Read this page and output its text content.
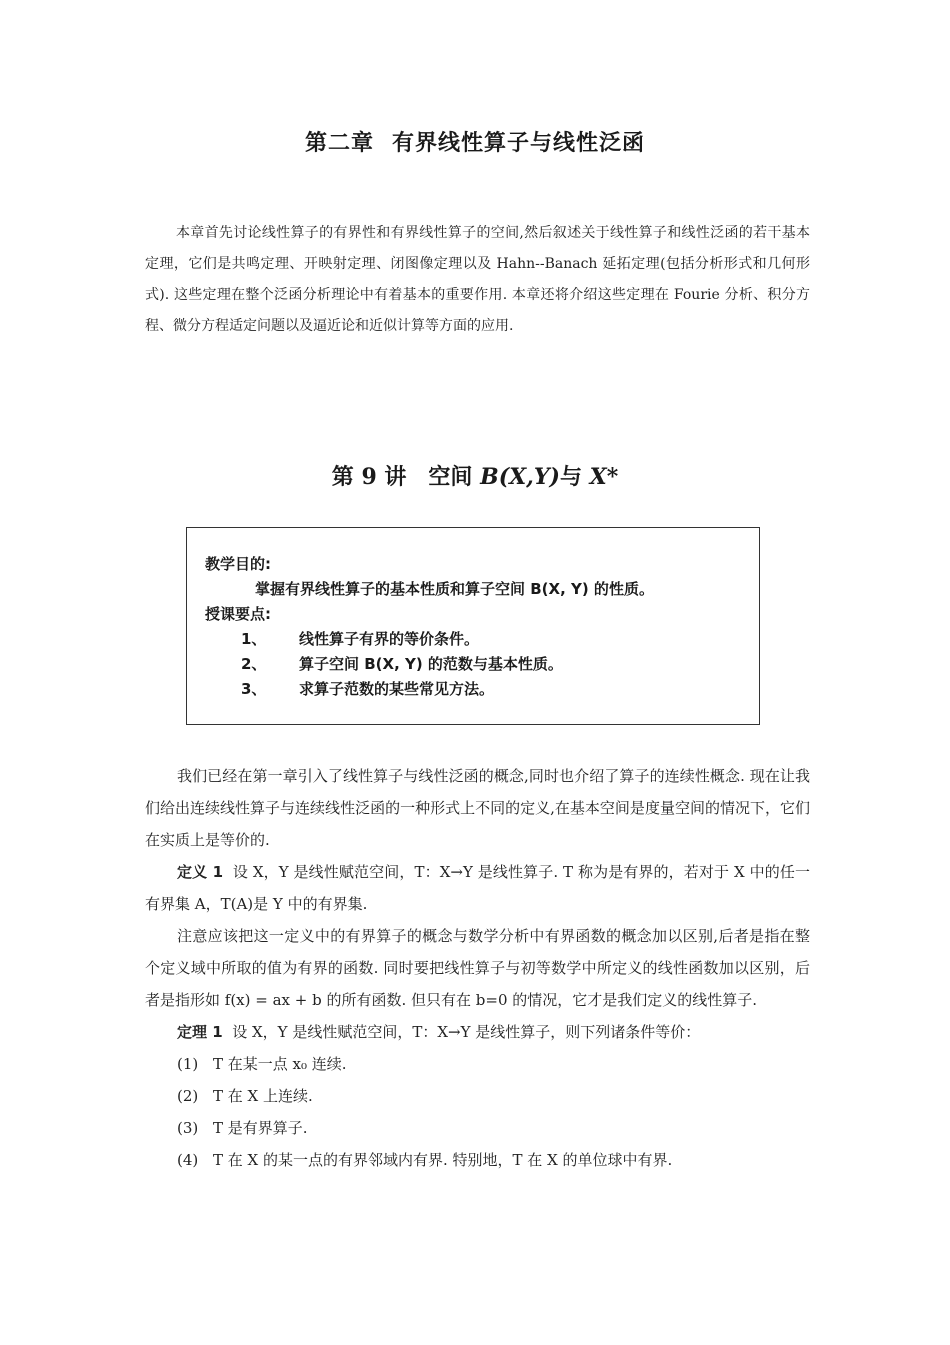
第二章 有界线性算子与线性泛函

本章首先讨论线性算子的有界性和有界线性算子的空间,然后叙述关于线性算子和线性泛函的若干基本定理，它们是共鸣定理、开映射定理、闭图像定理以及 Hahn--Banach 延拓定理(包括分析形式和几何形式). 这些定理在整个泛函分析理论中有着基本的重要作用. 本章还将介绍这些定理在 Fourie 分析、积分方程、微分方程适定问题以及逼近论和近似计算等方面的应用.

第 9 讲 空间 B(X,Y)与 X*
教学目的:
掌握有界线性算子的基本性质和算子空间 B(X, Y) 的性质。
授课要点:
1、 线性算子有界的等价条件。
2、 算子空间 B(X, Y) 的范数与基本性质。
3、 求算子范数的某些常见方法。

我们已经在第一章引入了线性算子与线性泛函的概念,同时也介绍了算子的连续性概念. 现在让我们给出连续线性算子与连续线性泛函的一种形式上不同的定义,在基本空间是度量空间的情况下，它们在实质上是等价的.

定义 1 设 X，Y 是线性赋范空间，T：X→Y 是线性算子. T 称为是有界的，若对于 X 中的任一有界集 A，T(A)是 Y 中的有界集.

注意应该把这一定义中的有界算子的概念与数学分析中有界函数的概念加以区别,后者是指在整个定义域中所取的值为有界的函数. 同时要把线性算子与初等数学中所定义的线性函数加以区别，后者是指形如 f(x) = ax + b 的所有函数. 但只有在 b=0 的情况，它才是我们定义的线性算子.

定理 1 设 X，Y 是线性赋范空间，T：X→Y 是线性算子，则下列诸条件等价：

(1) T 在某一点 x₀ 连续.

(2) T 在 X 上连续.

(3) T 是有界算子.

(4) T 在 X 的某一点的有界邻域内有界. 特别地，T 在 X 的单位球中有界.
